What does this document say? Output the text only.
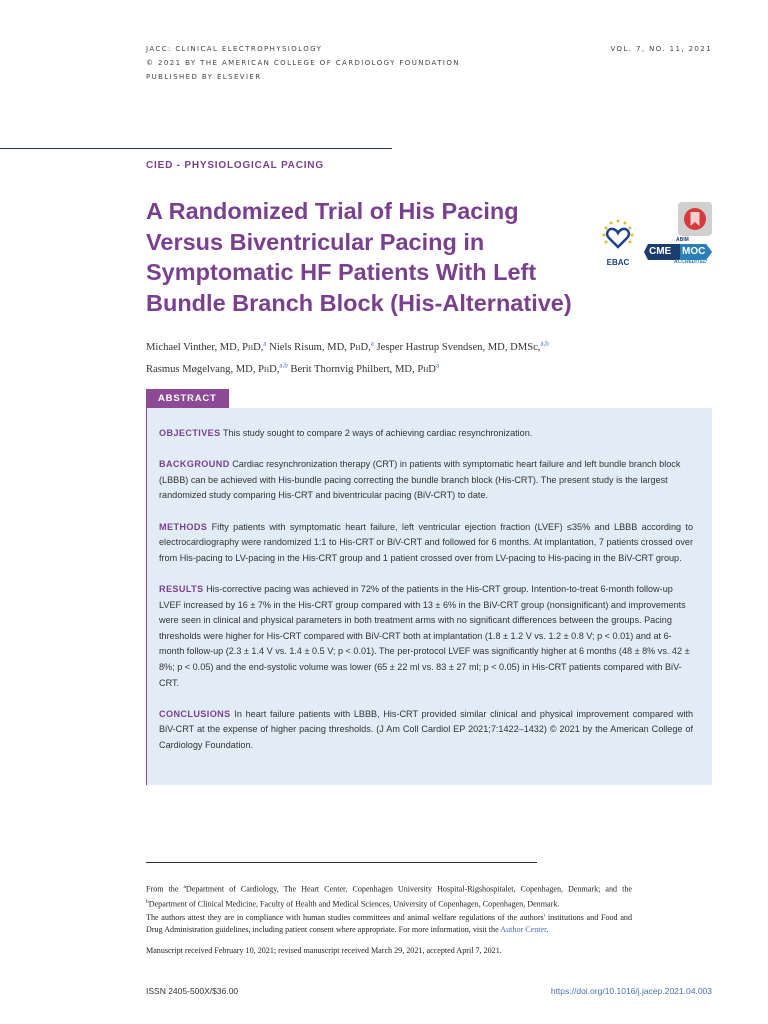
JACC: CLINICAL ELECTROPHYSIOLOGY
© 2021 BY THE AMERICAN COLLEGE OF CARDIOLOGY FOUNDATION
PUBLISHED BY ELSEVIER
VOL. 7, NO. 11, 2021
CIED - PHYSIOLOGICAL PACING
A Randomized Trial of His Pacing
Versus Biventricular Pacing in
Symptomatic HF Patients With Left
Bundle Branch Block (His-Alternative)
EBAC
ABIM
CME MOC
ACCREDITED
Michael Vinther, MD, PhD,$^a$ Niels Risum, MD, PhD,$^a$ Jesper Hastrup Svendsen, MD, DMSc,$^{a,b}$
Rasmus Møgelvang, MD, PhD,$^{a,b}$ Berit Thornvig Philbert, MD, PhD$^a$
ABSTRACT

OBJECTIVES This study sought to compare 2 ways of achieving cardiac resynchronization.

BACKGROUND Cardiac resynchronization therapy (CRT) in patients with symptomatic heart failure and left bundle branch block (LBBB) can be achieved with His-bundle pacing correcting the bundle branch block (His-CRT). The present study is the largest randomized study comparing His-CRT and biventricular pacing (BiV-CRT) to date.

METHODS Fifty patients with symptomatic heart failure, left ventricular ejection fraction (LVEF) ≤35% and LBBB according to electrocardiography were randomized 1:1 to His-CRT or BiV-CRT and followed for 6 months. At implantation, 7 patients crossed over from His-pacing to LV-pacing in the His-CRT group and 1 patient crossed over from LV-pacing to His-pacing in the BiV-CRT group.

RESULTS His-corrective pacing was achieved in 72% of the patients in the His-CRT group. Intention-to-treat 6-month follow-up LVEF increased by 16 ± 7% in the His-CRT group compared with 13 ± 6% in the BiV-CRT group (nonsignificant) and improvements were seen in clinical and physical parameters in both treatment arms with no significant differences between the groups. Pacing thresholds were higher for His-CRT compared with BiV-CRT both at implantation (1.8 ± 1.2 V vs. 1.2 ± 0.8 V; p < 0.01) and at 6-month follow-up (2.3 ± 1.4 V vs. 1.4 ± 0.5 V; p < 0.01). The per-protocol LVEF was significantly higher at 6 months (48 ± 8% vs. 42 ± 8%; p < 0.05) and the end-systolic volume was lower (65 ± 22 ml vs. 83 ± 27 ml; p < 0.05) in His-CRT patients compared with BiV-CRT.

CONCLUSIONS In heart failure patients with LBBB, His-CRT provided similar clinical and physical improvement compared with BiV-CRT at the expense of higher pacing thresholds. (J Am Coll Cardiol EP 2021;7:1422–1432) © 2021 by the American College of Cardiology Foundation.

From the $^a$Department of Cardiology, The Heart Center, Copenhagen University Hospital-Rigshospitalet, Copenhagen, Denmark; and the $^b$Department of Clinical Medicine, Faculty of Health and Medical Sciences, University of Copenhagen, Copenhagen, Denmark.

The authors attest they are in compliance with human studies committees and animal welfare regulations of the authors' institutions and Food and Drug Administration guidelines, including patient consent where appropriate. For more information, visit the Author Center.

Manuscript received February 10, 2021; revised manuscript received March 29, 2021, accepted April 7, 2021.

ISSN 2405-500X/$36.00	https://doi.org/10.1016/j.jacep.2021.04.003
